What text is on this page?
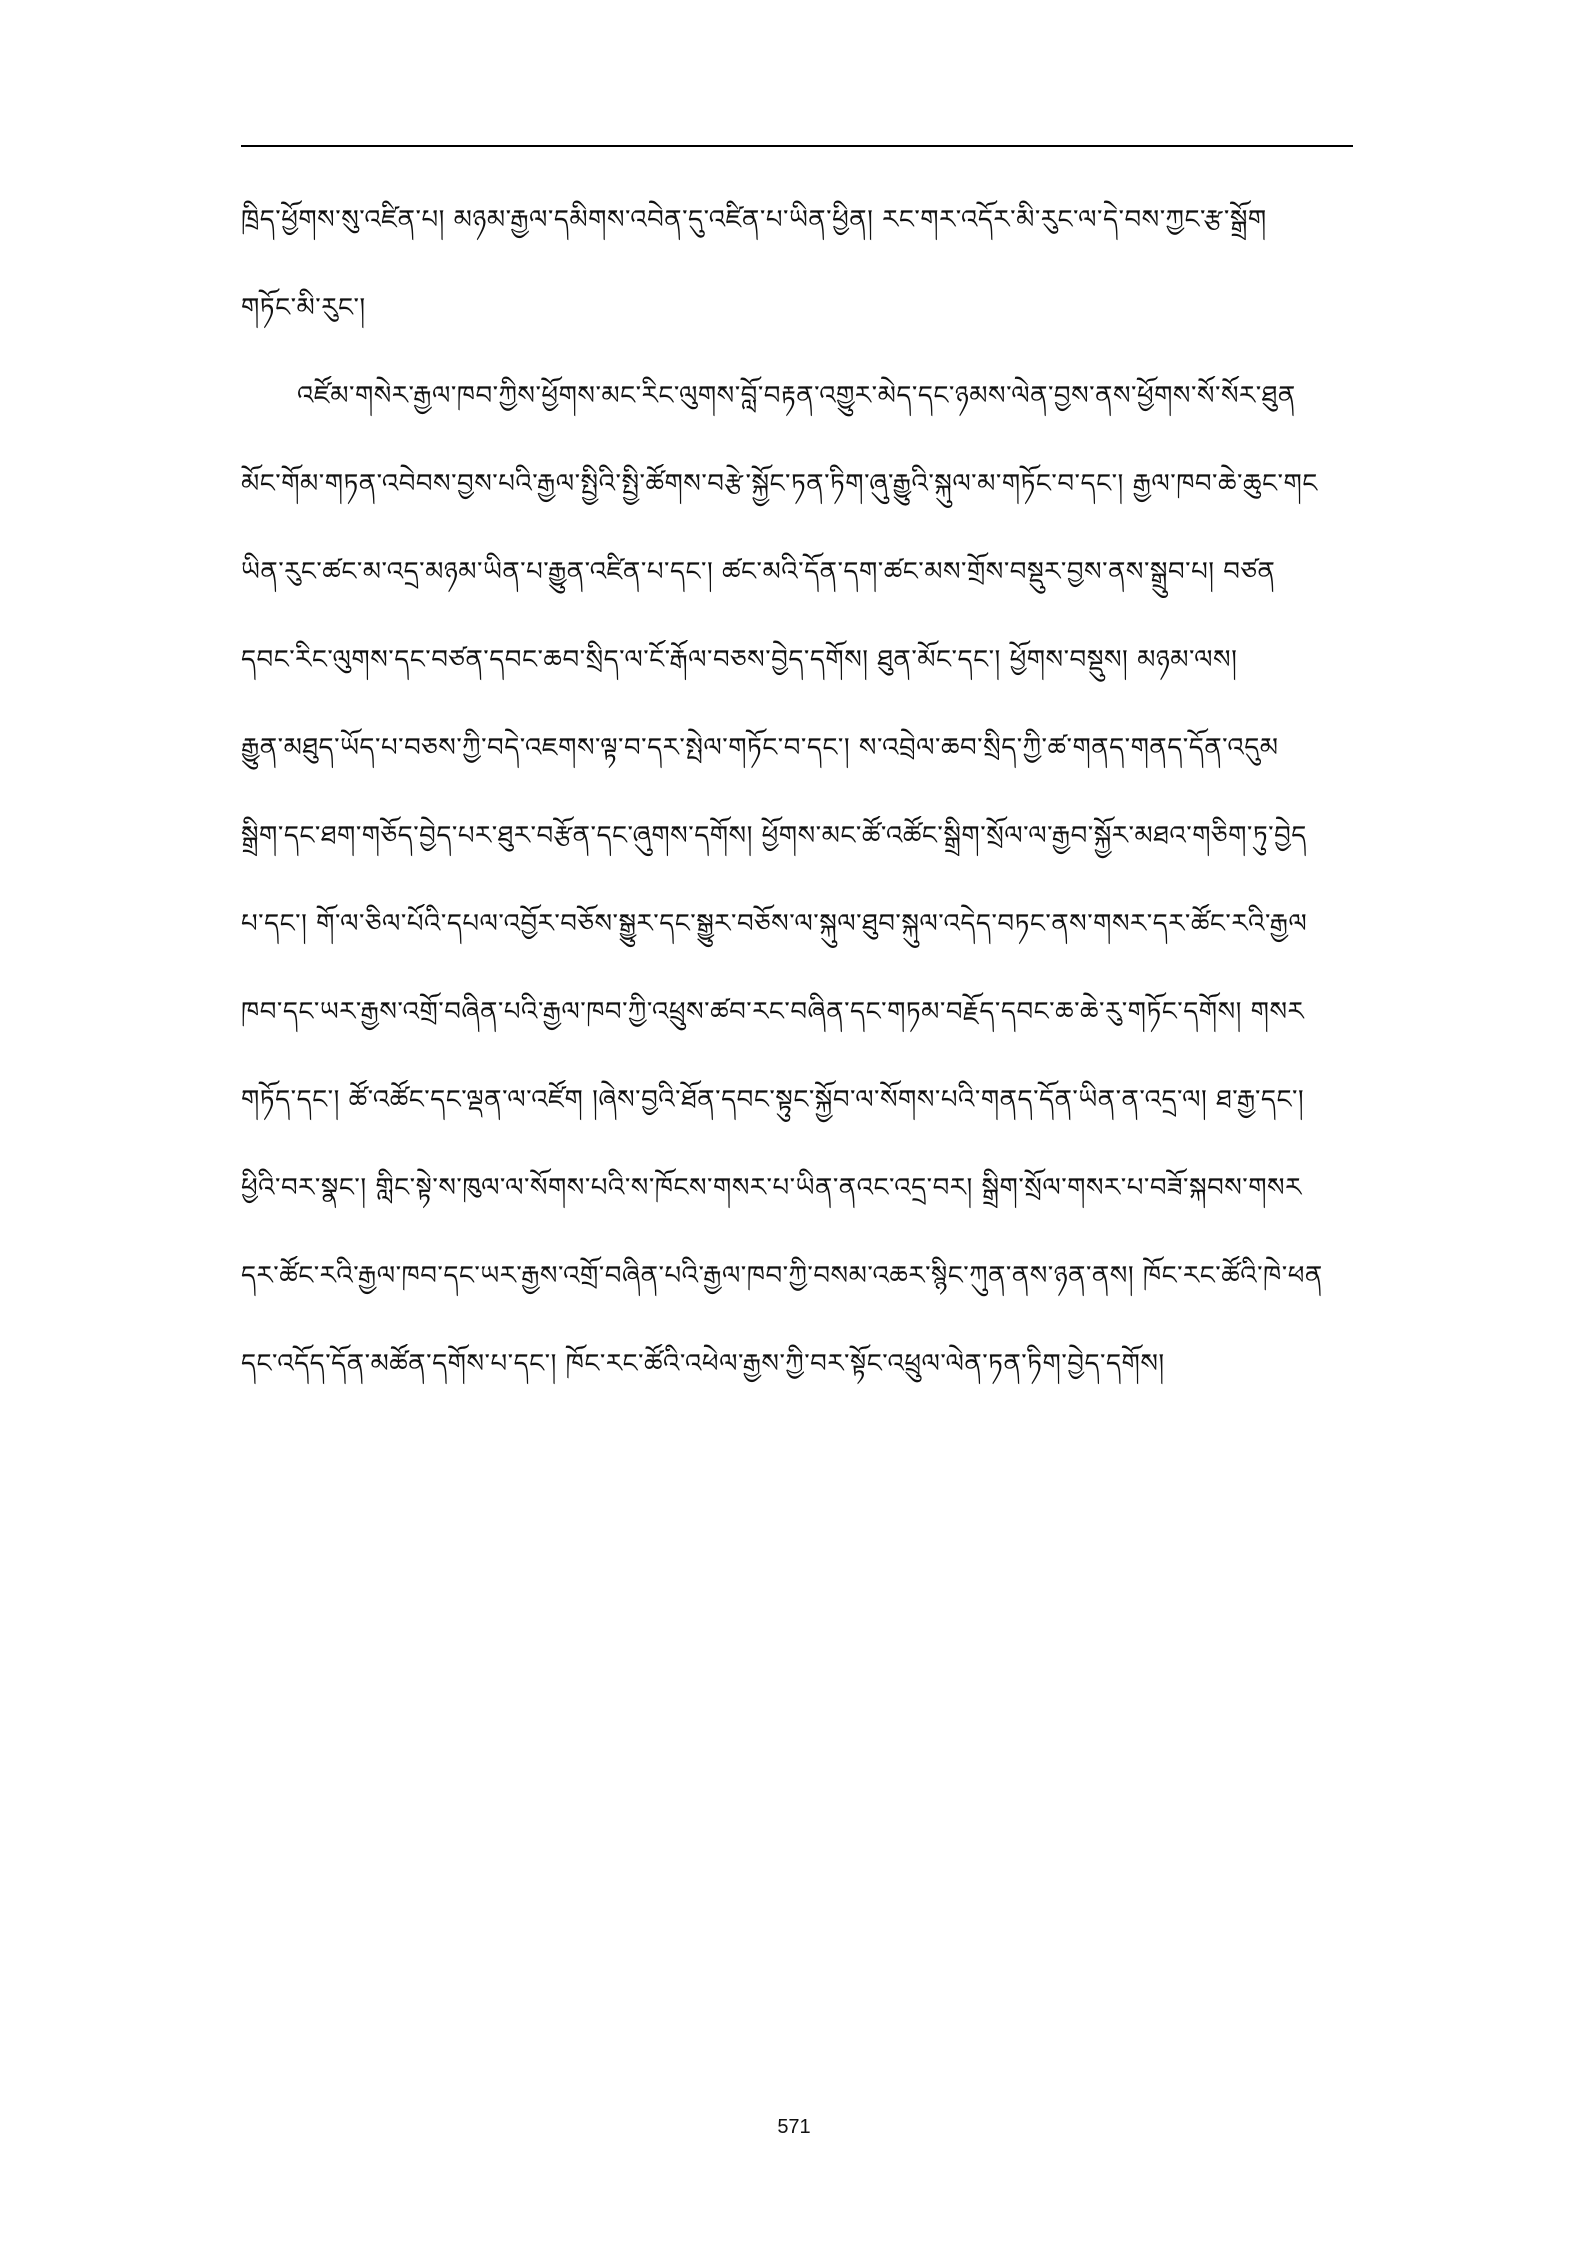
ཁྲིད་ཕྱོགས་སུ་འཛིན་པ། མཉམ་རྒྱལ་དམིགས་འབེན་དུ་འཛིན་པ་ཡིན་ཕྱིན། རང་གར་འདོར་མི་རུང་ལ་དེ་བས་ཀྱང་རྩ་སྒྲོག
གཏོང་མི་རུང་།
འཛོམ་གསེར་རྒྱལ་ཁབ་ཀྱིས་ཕྱོགས་མང་རིང་ལུགས་བློ་བརྟན་འགྱུར་མེད་དང་ཉམས་ལེན་བྱས་ནས་ཕྱོགས་སོ་སོར་ཐུན
མོང་གོམ་གཏན་འབེབས་བྱས་པའི་རྒྱལ་སྤྱིའི་སྤྱི་ཚོགས་བརྩེ་སྐྱོང་ཏན་ཏིག་ཞུ་རྒྱུའི་སྐུལ་མ་གཏོང་བ་དང་། རྒྱལ་ཁབ་ཆེ་ཆུང་གང
ཡིན་རུང་ཚང་མ་འདྲ་མཉམ་ཡིན་པ་རྒྱུན་འཛིན་པ་དང་། ཚང་མའི་དོན་དག་ཚང་མས་གྲོས་བསྡུར་བྱས་ནས་སྒྲུབ་པ། བཙན
དབང་རིང་ལུགས་དང་བཙན་དབང་ཆབ་སྲིད་ལ་ངོ་རྒོལ་བཅས་བྱེད་དགོས། ཐུན་མོང་དང་། ཕྱོགས་བསྡུས། མཉམ་ལས།
རྒྱུན་མཐུད་ཡོད་པ་བཅས་ཀྱི་བདེ་འཇགས་ལྟ་བ་དར་སྤེལ་གཏོང་བ་དང་། ས་འབྲེལ་ཆབ་སྲིད་ཀྱི་ཚ་གནད་གནད་དོན་འདུམ
སྒྲིག་དང་ཐག་གཅོད་བྱེད་པར་ཐུར་བརྩོན་དང་ཞུགས་དགོས། ཕྱོགས་མང་ཚོ་འཚོང་སྒྲིག་སྲོལ་ལ་རྒྱབ་སྐྱོར་མཐའ་གཅིག་ཏུ་བྱེད
པ་དང་། གོ་ལ་ཅིལ་པོའི་དཔལ་འབྱོར་བཅོས་སྒྱུར་དང་སྒྱུར་བཅོས་ལ་སྐུལ་ཐུབ་སྐུལ་འདེད་བཏང་ནས་གསར་དར་ཚོང་རའི་རྒྱལ
ཁབ་དང་ཡར་རྒྱས་འགྲོ་བཞིན་པའི་རྒྱལ་ཁབ་ཀྱི་འཕྲུས་ཚབ་རང་བཞིན་དང་གཏམ་བརྗོད་དབང་ཆ་ཆེ་རུ་གཏོང་དགོས། གསར
གཏོད་དང་། ཚོ་འཚོང་དང་ལྡན་ལ་འཛོག །ཞེས་བྱའི་ཐོན་དབང་སྟུང་སྐྱོབ་ལ་སོགས་པའི་གནད་དོན་ཡིན་ན་འདྲ་ལ། ཐ་རྒྱ་དང་།
ཕྱིའི་བར་སྣང་། གླིང་སྟེ་ས་ཁུལ་ལ་སོགས་པའི་ས་ཁོངས་གསར་པ་ཡིན་ནའང་འདྲ་བར། སྒྲིག་སྲོལ་གསར་པ་བཟོ་སྐབས་གསར
དར་ཚོང་རའི་རྒྱལ་ཁབ་དང་ཡར་རྒྱས་འགྲོ་བཞིན་པའི་རྒྱལ་ཁབ་ཀྱི་བསམ་འཆར་སྙིང་ཀུན་ནས་ཉན་ནས། ཁོང་རང་ཚོའི་ཁེ་ཕན
དང་འདོད་དོན་མཚོན་དགོས་པ་དང་། ཁོང་རང་ཚོའི་འཕེལ་རྒྱས་ཀྱི་བར་སྟོང་འཕྲུལ་ལེན་ཏན་ཏིག་བྱེད་དགོས།
571
